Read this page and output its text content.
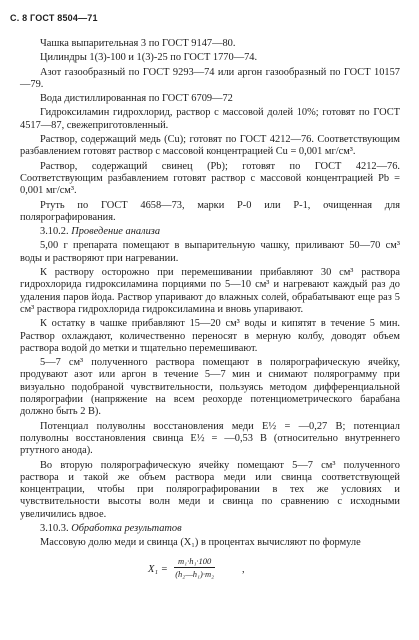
С. 8 ГОСТ 8504—71

Чашка выпарительная 3 по ГОСТ 9147—80.

Цилиндры 1(3)-100 и 1(3)-25 по ГОСТ 1770—74.

Азот газообразный по ГОСТ 9293—74 или аргон газообразный по ГОСТ 10157—79.

Вода дистиллированная по ГОСТ 6709—72

Гидроксиламин гидрохлорид, раствор с массовой долей 10%; готовят по ГОСТ 4517—87, свежеприготовленный.

Раствор, содержащий медь (Cu); готовят по ГОСТ 4212—76. Соответствующим разбавлением готовят раствор с массовой концентрацией Cu = 0,001 мг/см³.

Раствор, содержащий свинец (Pb); готовят по ГОСТ 4212—76. Соответствующим разбавлением готовят раствор с массовой концентрацией Pb = 0,001 мг/см³.

Ртуть по ГОСТ 4658—73, марки Р-0 или Р-1, очищенная для полярографирования.

3.10.2. Проведение анализа

5,00 г препарата помещают в выпарительную чашку, приливают 50—70 см³ воды и растворяют при нагревании.

К раствору осторожно при перемешивании прибавляют 30 см³ раствора гидрохлорида гидроксиламина порциями по 5—10 см³ и нагревают каждый раз до удаления паров йода. Раствор упаривают до влажных солей, обрабатывают еще раз 5 см³ раствора гидрохлорида гидроксиламина и вновь упаривают.

К остатку в чашке прибавляют 15—20 см³ воды и кипятят в течение 5 мин. Раствор охлаждают, количественно переносят в мерную колбу, доводят объем раствора водой до метки и тщательно перемешивают.

5—7 см³ полученного раствора помещают в полярографическую ячейку, продувают азот или аргон в течение 5—7 мин и снимают полярограмму при визуально подобраной чувствительности, пользуясь методом дифференциальной полярографии (напряжение на всем реохорде потенциометрического барабана должно быть 2 В).

Потенциал полуволны восстановления меди E½ = —0,27 В; потенциал полуволны восстановления свинца E½ = —0,53 В (относительно внутреннего ртутного анода).

Во вторую полярографическую ячейку помещают 5—7 см³ полученного раствора и такой же объем раствора меди или свинца соответствующей концентрации, чтобы при полярографировании в тех же условиях и чувствительности высоты волн меди и свинца по сравнению с исходными увеличились вдвое.

3.10.3. Обработка результатов

Массовую долю меди и свинца (X₁) в процентах вычисляют по формуле

$X_1 = \frac{\text{m₁·h₁·100}}{\text{(h₂—h₁)·m₂}}$	,
